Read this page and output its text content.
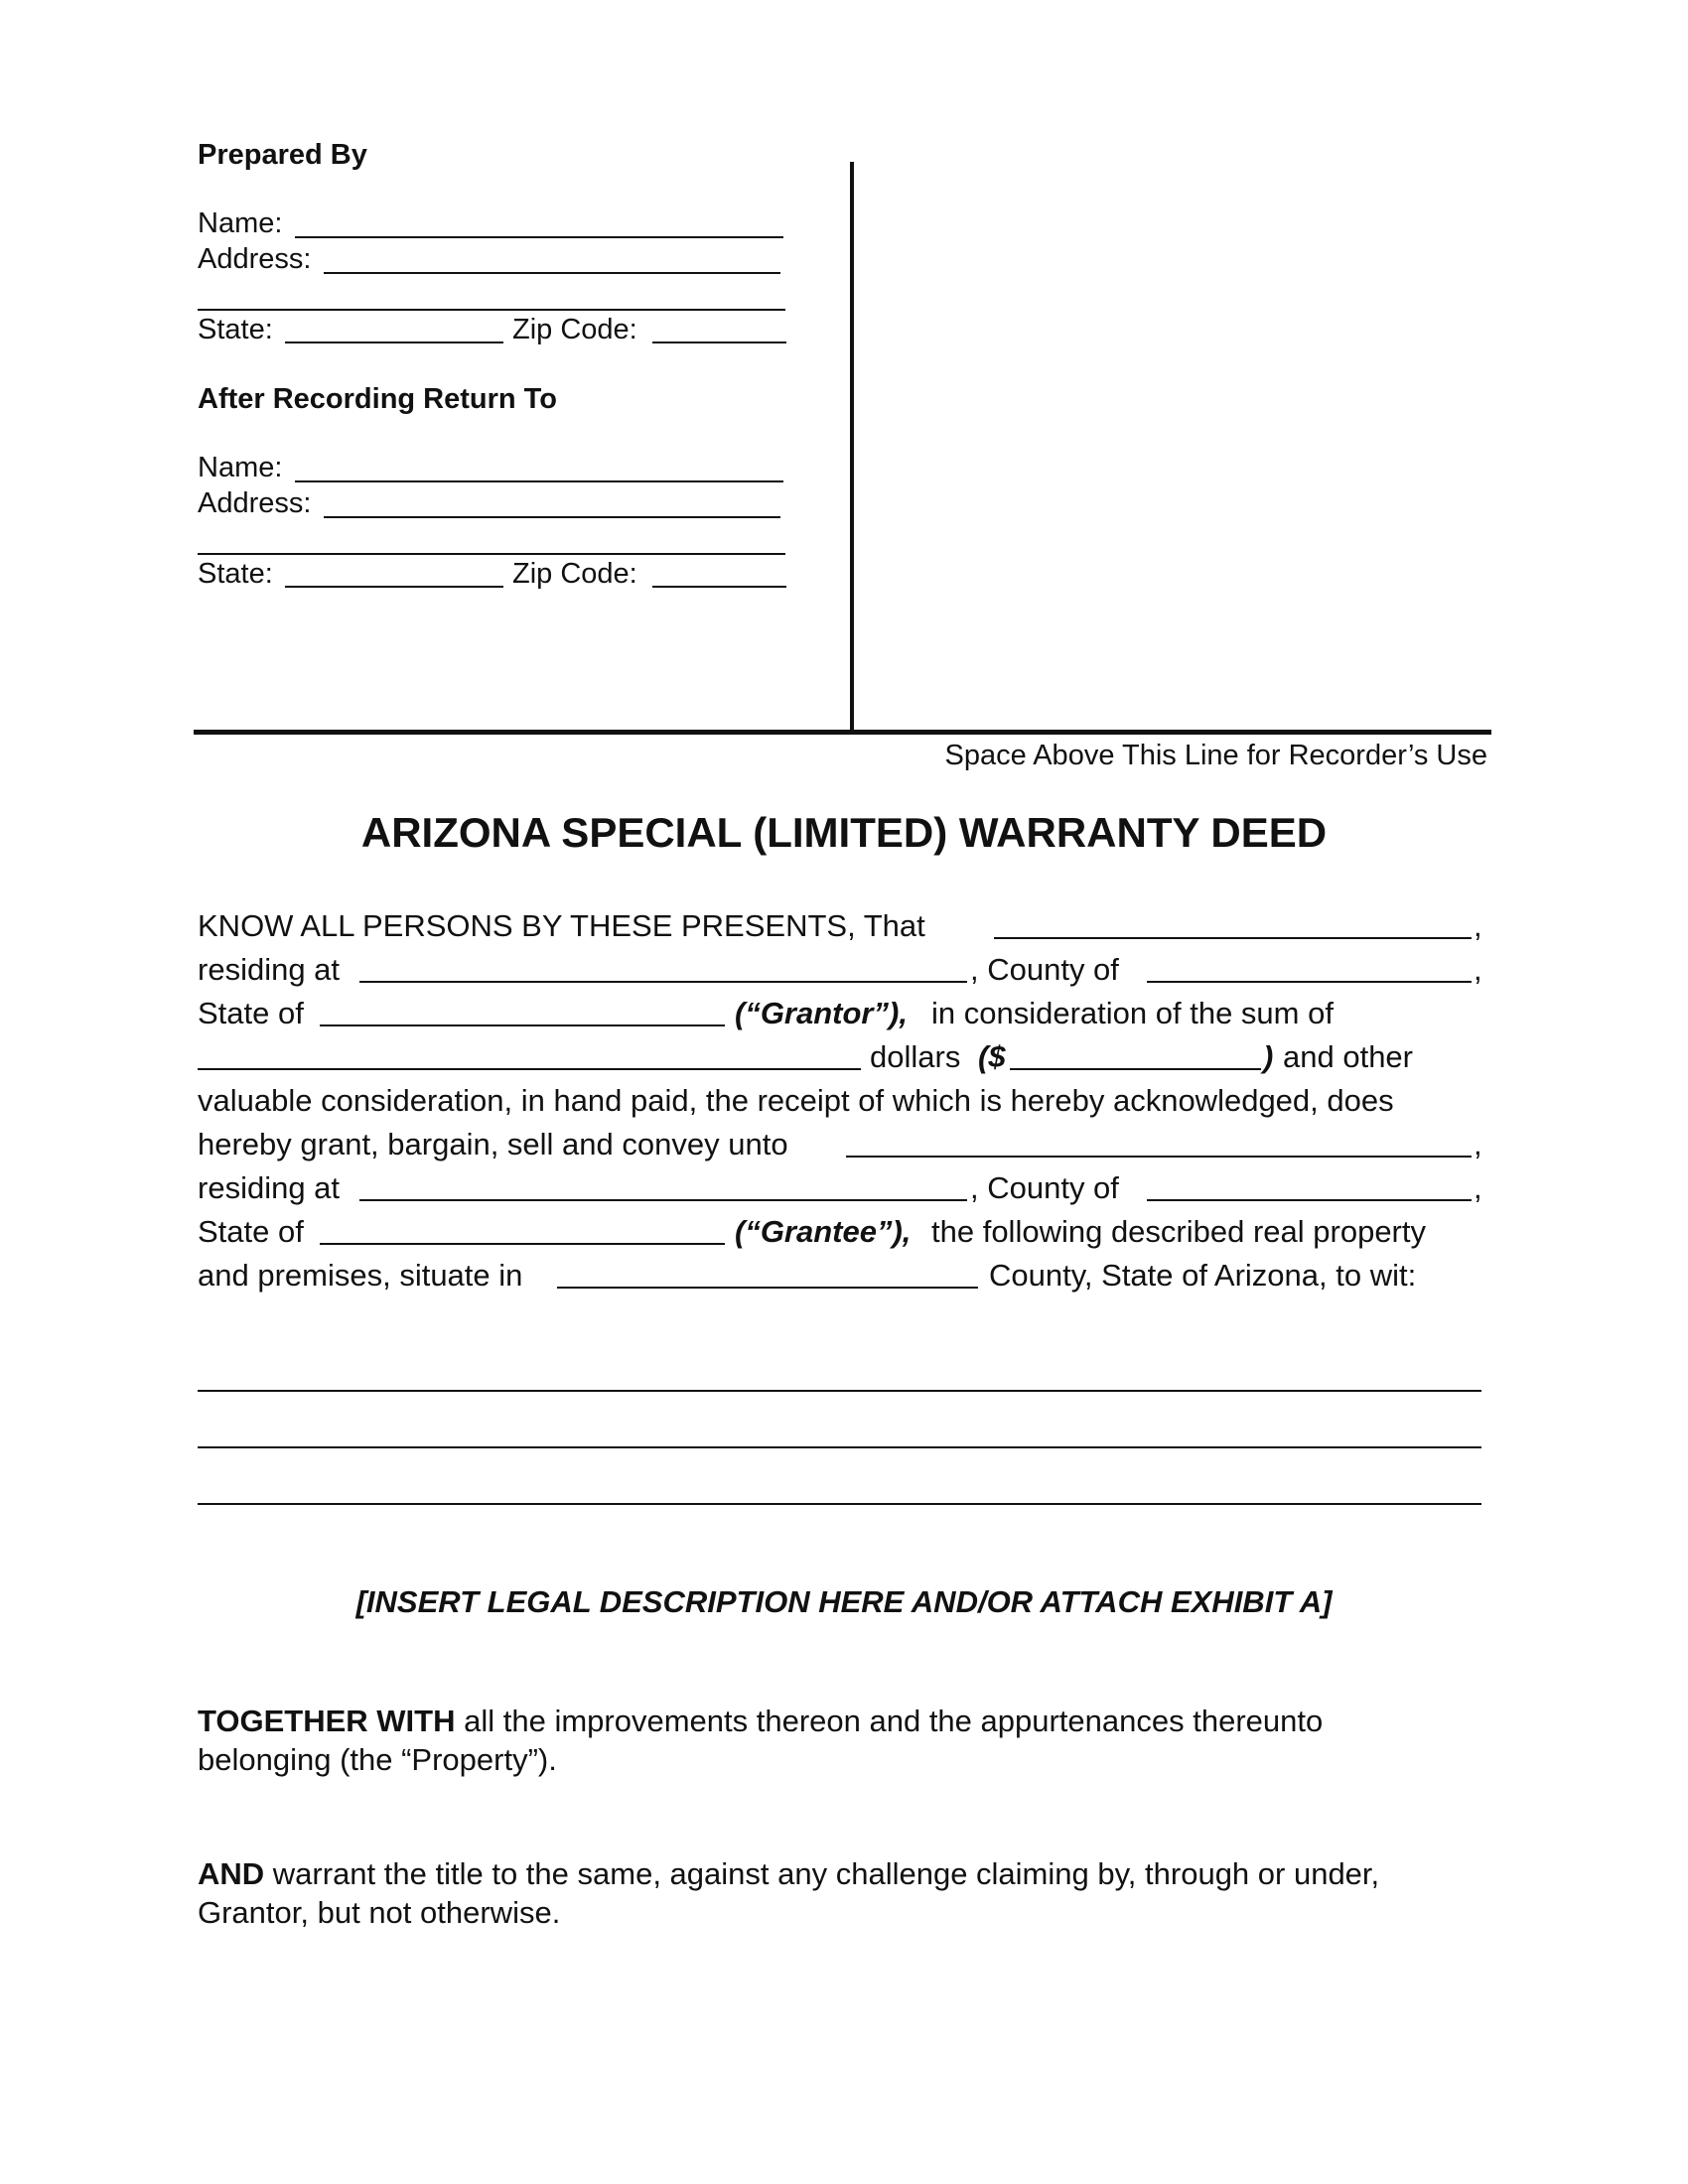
Prepared By
Name:
Address:
State:	Zip Code:
After Recording Return To
Name:
Address:
State:	Zip Code:
Space Above This Line for Recorder’s Use
ARIZONA SPECIAL (LIMITED) WARRANTY DEED
KNOW ALL PERSONS BY THESE PRESENTS, That	,
residing at	, County of	,
State of	(“Grantor”), in consideration of the sum of
dollars ($	) and other
valuable consideration, in hand paid, the receipt of which is hereby acknowledged, does
hereby grant, bargain, sell and convey unto	,
residing at	, County of	,
State of	(“Grantee”), the following described real property
and premises, situate in	County, State of Arizona, to wit:
[INSERT LEGAL DESCRIPTION HERE AND/OR ATTACH EXHIBIT A]
TOGETHER WITH all the improvements thereon and the appurtenances thereunto
belonging (the “Property”).
AND warrant the title to the same, against any challenge claiming by, through or under,
Grantor, but not otherwise.
